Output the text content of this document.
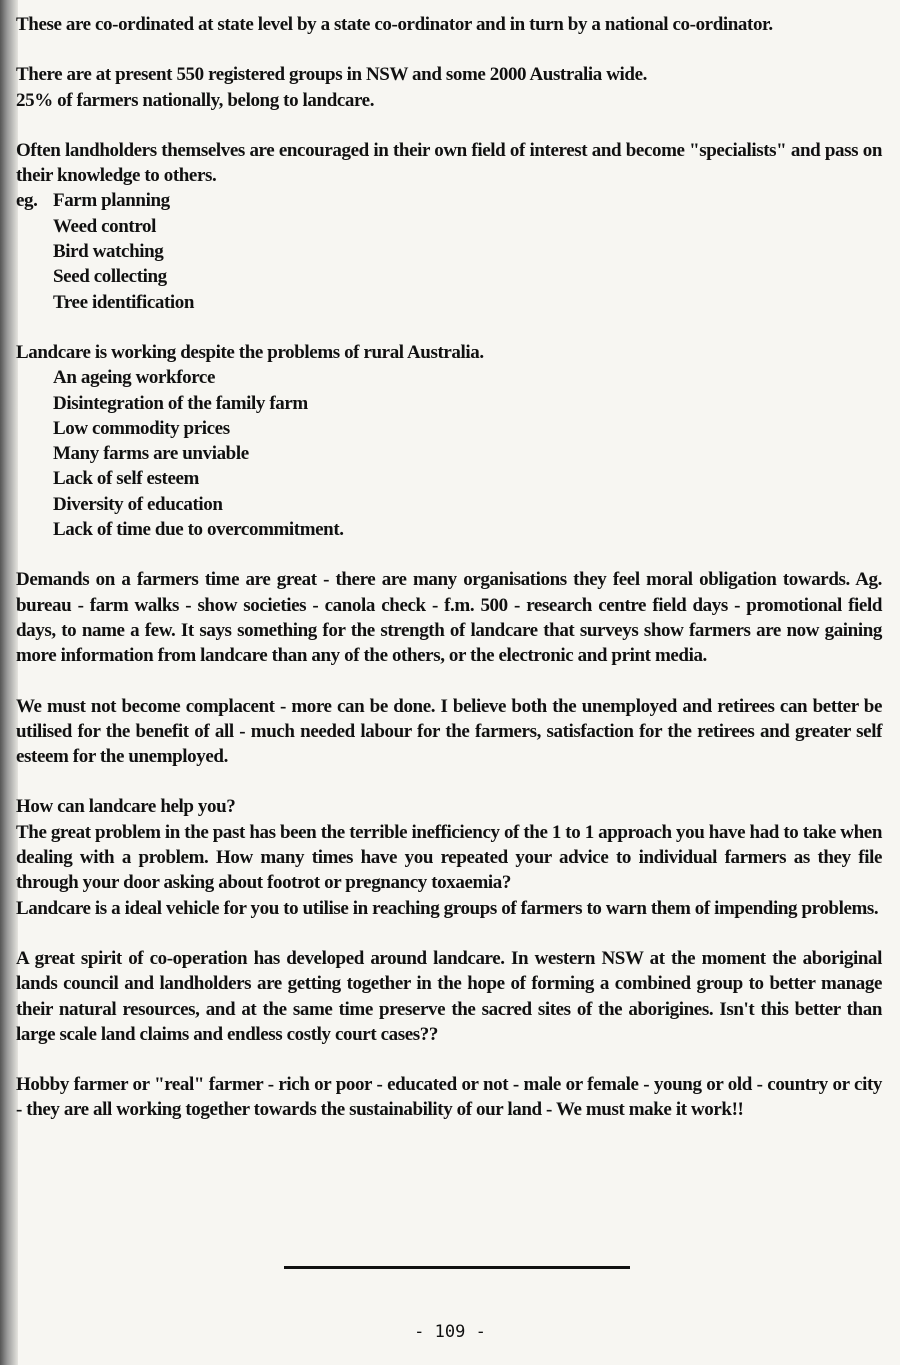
These are co-ordinated at state level by a state co-ordinator and in turn by a national co-ordinator.

There are at present 550 registered groups in NSW and some 2000 Australia wide.

25% of farmers nationally, belong to landcare.

Often landholders themselves are encouraged in their own field of interest and become "specialists" and pass on their knowledge to others.

eg. Farm planning
Weed control
Bird watching
Seed collecting
Tree identification

Landcare is working despite the problems of rural Australia.

An ageing workforce
Disintegration of the family farm
Low commodity prices
Many farms are unviable
Lack of self esteem
Diversity of education
Lack of time due to overcommitment.

Demands on a farmers time are great - there are many organisations they feel moral obligation towards. Ag. bureau - farm walks - show societies - canola check - f.m. 500 - research centre field days - promotional field days, to name a few. It says something for the strength of landcare that surveys show farmers are now gaining more information from landcare than any of the others, or the electronic and print media.

We must not become complacent - more can be done. I believe both the unemployed and retirees can better be utilised for the benefit of all - much needed labour for the farmers, satisfaction for the retirees and greater self esteem for the unemployed.

How can landcare help you?

The great problem in the past has been the terrible inefficiency of the 1 to 1 approach you have had to take when dealing with a problem. How many times have you repeated your advice to individual farmers as they file through your door asking about footrot or pregnancy toxaemia?

Landcare is a ideal vehicle for you to utilise in reaching groups of farmers to warn them of impending problems.

A great spirit of co-operation has developed around landcare. In western NSW at the moment the aboriginal lands council and landholders are getting together in the hope of forming a combined group to better manage their natural resources, and at the same time preserve the sacred sites of the aborigines. Isn't this better than large scale land claims and endless costly court cases??

Hobby farmer or "real" farmer - rich or poor - educated or not - male or female - young or old - country or city - they are all working together towards the sustainability of our land - We must make it work!!

- 109 -
